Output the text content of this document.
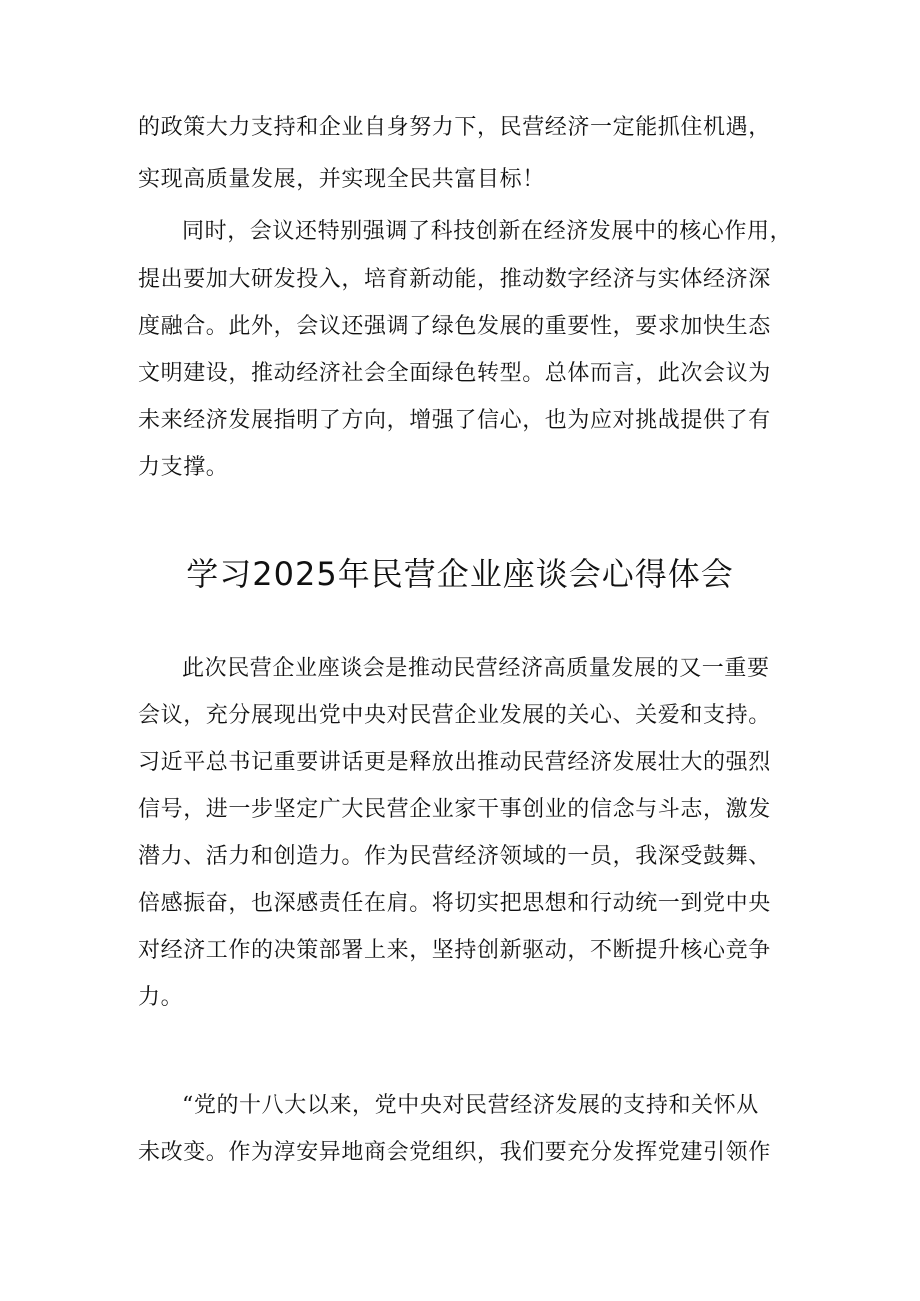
的政策大力支持和企业自身努力下，民营经济一定能抓住机遇，
实现高质量发展，并实现全民共富目标！
同时，会议还特别强调了科技创新在经济发展中的核心作用，
提出要加大研发投入，培育新动能，推动数字经济与实体经济深
度融合。此外，会议还强调了绿色发展的重要性，要求加快生态
文明建设，推动经济社会全面绿色转型。总体而言，此次会议为
未来经济发展指明了方向，增强了信心，也为应对挑战提供了有
力支撑。
学习2025年民营企业座谈会心得体会
此次民营企业座谈会是推动民营经济高质量发展的又一重要
会议，充分展现出党中央对民营企业发展的关心、关爱和支持。
习近平总书记重要讲话更是释放出推动民营经济发展壮大的强烈
信号，进一步坚定广大民营企业家干事创业的信念与斗志，激发
潜力、活力和创造力。作为民营经济领域的一员，我深受鼓舞、
倍感振奋，也深感责任在肩。将切实把思想和行动统一到党中央
对经济工作的决策部署上来，坚持创新驱动，不断提升核心竞争
力。
“党的十八大以来，党中央对民营经济发展的支持和关怀从
未改变。作为淳安异地商会党组织，我们要充分发挥党建引领作
